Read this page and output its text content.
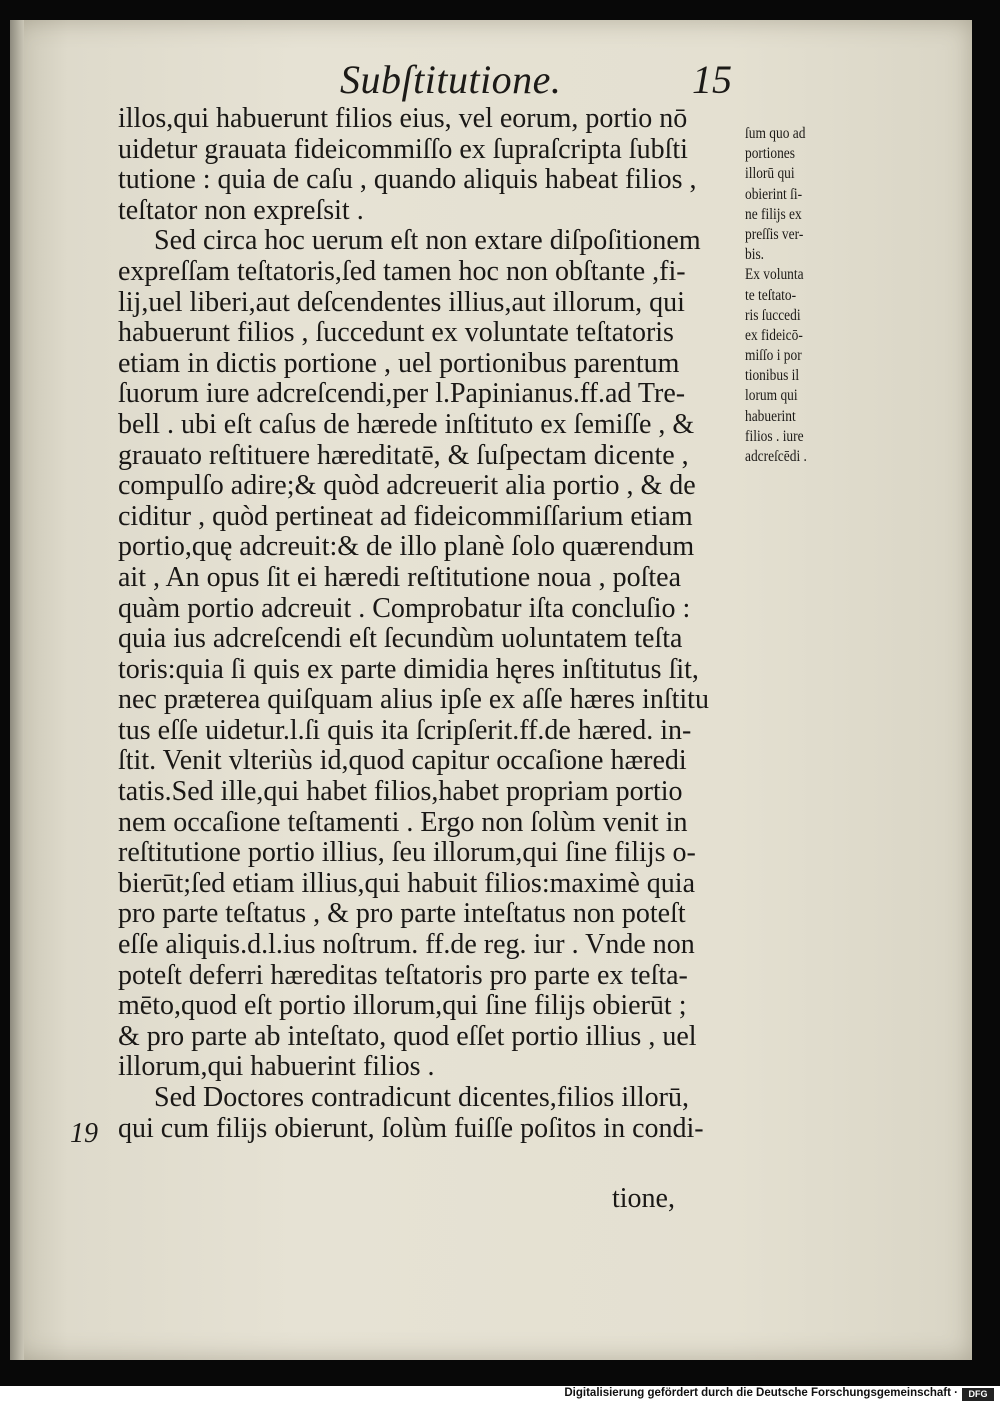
Subſtitutione.	15
illos,qui habuerunt filios eius, vel eorum, portio nō
uidetur grauata fideicommiſſo ex ſupraſcripta ſubſti
tutione : quia de caſu , quando aliquis habeat filios ,
teſtator non expreſsit .
Sed circa hoc uerum eſt non extare diſpoſitionem
expreſſam teſtatoris,ſed tamen hoc non obſtante ,fi-
lij,uel liberi,aut deſcendentes illius,aut illorum, qui
habuerunt filios , ſuccedunt ex voluntate teſtatoris
etiam in dictis portione , uel portionibus parentum
ſuorum iure adcreſcendi,per l.Papinianus.ff.ad Tre-
bell . ubi eſt caſus de hærede inſtituto ex ſemiſſe , &
grauato reſtituere hæreditatē, & ſuſpectam dicente ,
compulſo adire;& quòd adcreuerit alia portio , & de
ciditur , quòd pertineat ad fideicommiſſarium etiam
portio,quę adcreuit:& de illo planè ſolo quærendum
ait , An opus ſit ei hæredi reſtitutione noua , poſtea
quàm portio adcreuit . Comprobatur iſta concluſio :
quia ius adcreſcendi eſt ſecundùm uoluntatem teſta
toris:quia ſi quis ex parte dimidia hęres inſtitutus ſit,
nec præterea quiſquam alius ipſe ex aſſe hæres inſtitu
tus eſſe uidetur.l.ſi quis ita ſcripſerit.ff.de hæred. in-
ſtit. Venit vlteriùs id,quod capitur occaſione hæredi
tatis.Sed ille,qui habet filios,habet propriam portio
nem occaſione teſtamenti . Ergo non ſolùm venit in
reſtitutione portio illius, ſeu illorum,qui ſine filijs o-
bierūt;ſed etiam illius,qui habuit filios:maximè quia
pro parte teſtatus , & pro parte inteſtatus non poteſt
eſſe aliquis.d.l.ius noſtrum. ff.de reg. iur . Vnde non
poteſt deferri hæreditas teſtatoris pro parte ex teſta-
mēto,quod eſt portio illorum,qui ſine filijs obierūt ;
& pro parte ab inteſtato, quod eſſet portio illius , uel
illorum,qui habuerint filios .
Sed Doctores contradicunt dicentes,filios illorū,
qui cum filijs obierunt, ſolùm fuiſſe poſitos in condi-
19
tione,
ſum quo ad
portiones
illorū qui
obierint ſi-
ne filijs ex
preſſis ver-
bis.
Ex volunta
te teſtato-
ris ſuccedi
ex fideicō-
miſſo i por
tionibus il
lorum qui
habuerint
filios . iure
adcreſcēdi .
Digitalisierung gefördert durch die Deutsche Forschungsgemeinschaft ·	DFG
